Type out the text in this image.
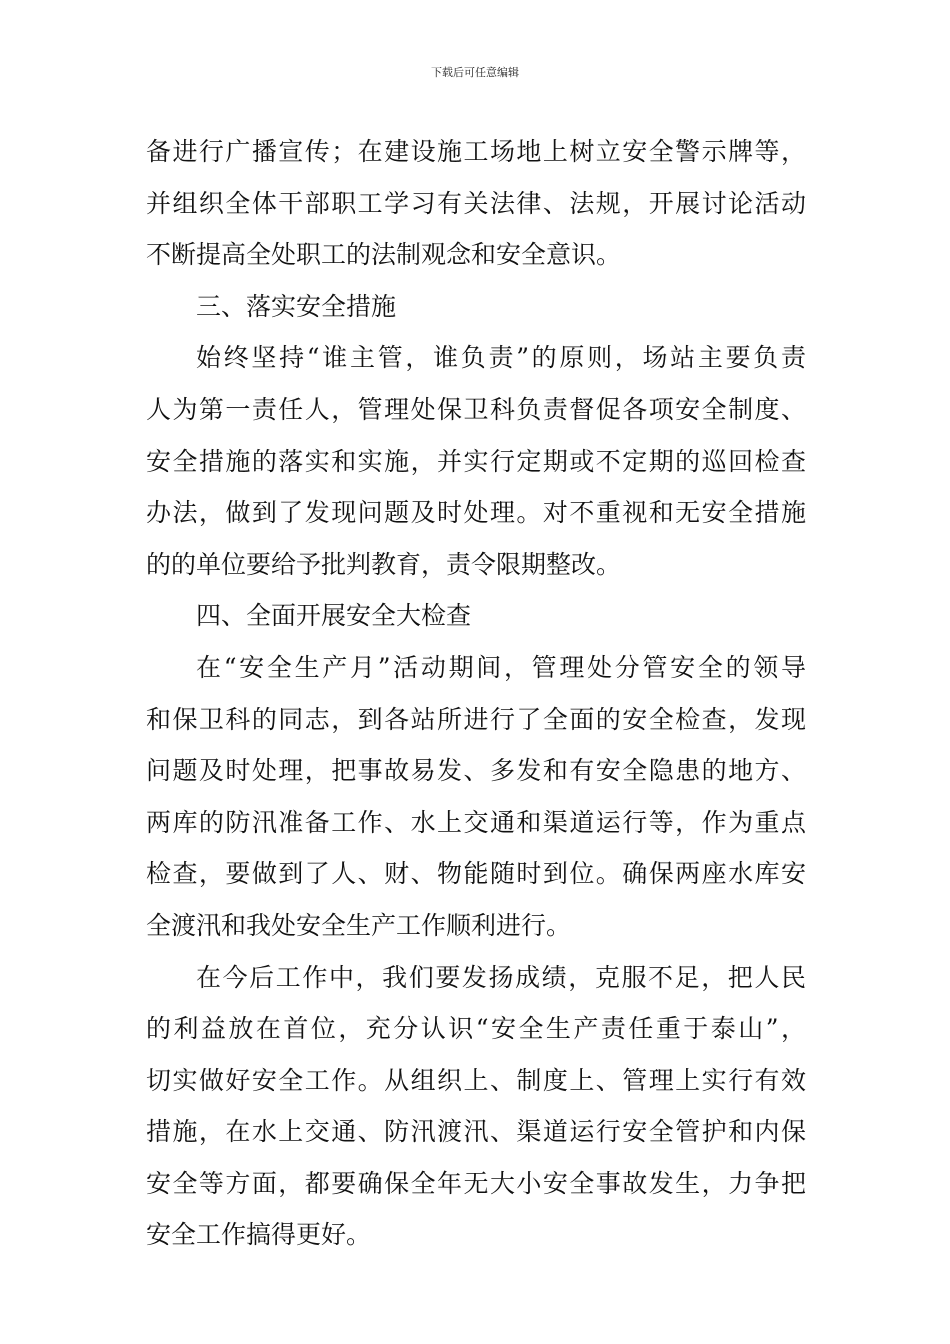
下载后可任意编辑
备进行广播宣传；在建设施工场地上树立安全警示牌等，
并组织全体干部职工学习有关法律、法规，开展讨论活动
不断提高全处职工的法制观念和安全意识。
三、落实安全措施
始终坚持“谁主管，谁负责”的原则，场站主要负责
人为第一责任人，管理处保卫科负责督促各项安全制度、
安全措施的落实和实施，并实行定期或不定期的巡回检查
办法，做到了发现问题及时处理。对不重视和无安全措施
的的单位要给予批判教育，责令限期整改。
四、全面开展安全大检查
在“安全生产月”活动期间，管理处分管安全的领导
和保卫科的同志，到各站所进行了全面的安全检查，发现
问题及时处理，把事故易发、多发和有安全隐患的地方、
两库的防汛准备工作、水上交通和渠道运行等，作为重点
检查，要做到了人、财、物能随时到位。确保两座水库安
全渡汛和我处安全生产工作顺利进行。
在今后工作中，我们要发扬成绩，克服不足，把人民
的利益放在首位，充分认识“安全生产责任重于泰山”，
切实做好安全工作。从组织上、制度上、管理上实行有效
措施，在水上交通、防汛渡汛、渠道运行安全管护和内保
安全等方面，都要确保全年无大小安全事故发生，力争把
安全工作搞得更好。
